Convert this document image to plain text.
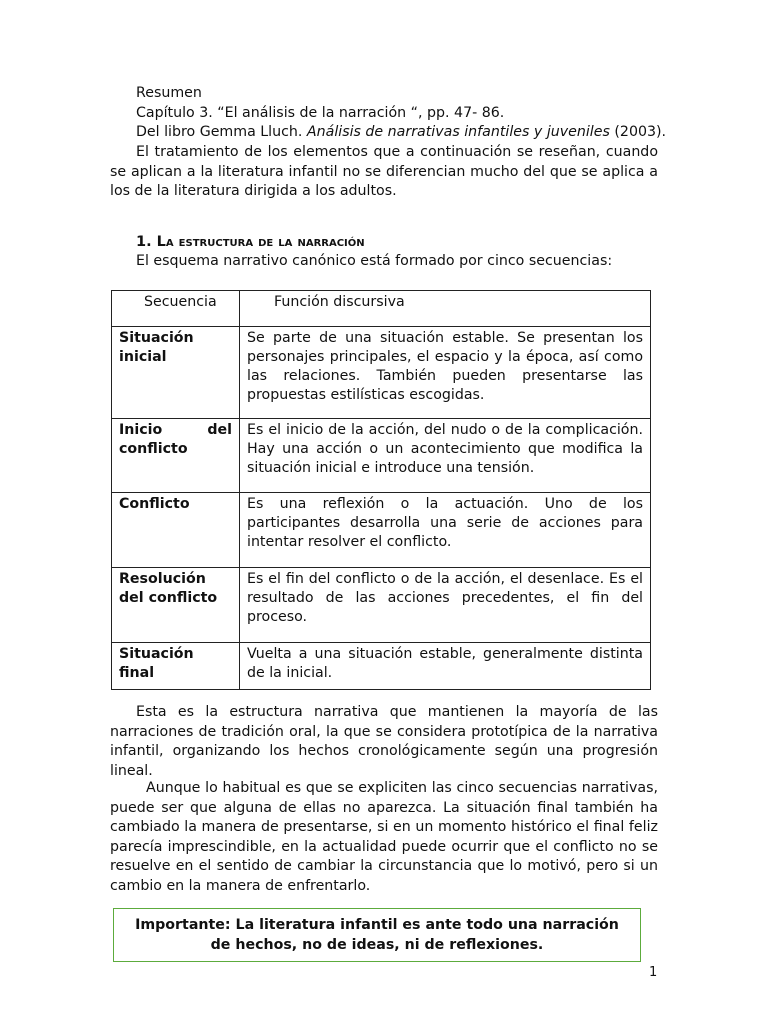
Resumen
Capítulo 3. “El análisis de la narración “, pp. 47- 86.
Del libro Gemma Lluch. Análisis de narrativas infantiles y juveniles (2003).

El tratamiento de los elementos que a continuación se reseñan, cuando se aplican a la literatura infantil no se diferencian mucho del que se aplica a los de la literatura dirigida a los adultos.

1. La estructura de la narración
El esquema narrativo canónico está formado por cinco secuencias:
Secuencia	Función discursiva
Situación inicial	Se parte de una situación estable. Se presentan los personajes principales, el espacio y la época, así como las relaciones. También pueden presentarse las propuestas estilísticas escogidas.
Inicio del conflicto	Es el inicio de la acción, del nudo o de la complicación. Hay una acción o un acontecimiento que modifica la situación inicial e introduce una tensión.
Conflicto	Es una reflexión o la actuación. Uno de los participantes desarrolla una serie de acciones para intentar resolver el conflicto.
Resolución del conflicto	Es el fin del conflicto o de la acción, el desenlace. Es el resultado de las acciones precedentes, el fin del proceso.
Situación final	Vuelta a una situación estable, generalmente distinta de la inicial.

Esta es la estructura narrativa que mantienen la mayoría de las narraciones de tradición oral, la que se considera prototípica de la narrativa infantil, organizando los hechos cronológicamente según una progresión lineal.

Aunque lo habitual es que se expliciten las cinco secuencias narrativas, puede ser que alguna de ellas no aparezca. La situación final también ha cambiado la manera de presentarse, si en un momento histórico el final feliz parecía imprescindible, en la actualidad puede ocurrir que el conflicto no se resuelve en el sentido de cambiar la circunstancia que lo motivó, pero si un cambio en la manera de enfrentarlo.

Importante: La literatura infantil es ante todo una narración de hechos, no de ideas, ni de reflexiones.
1
